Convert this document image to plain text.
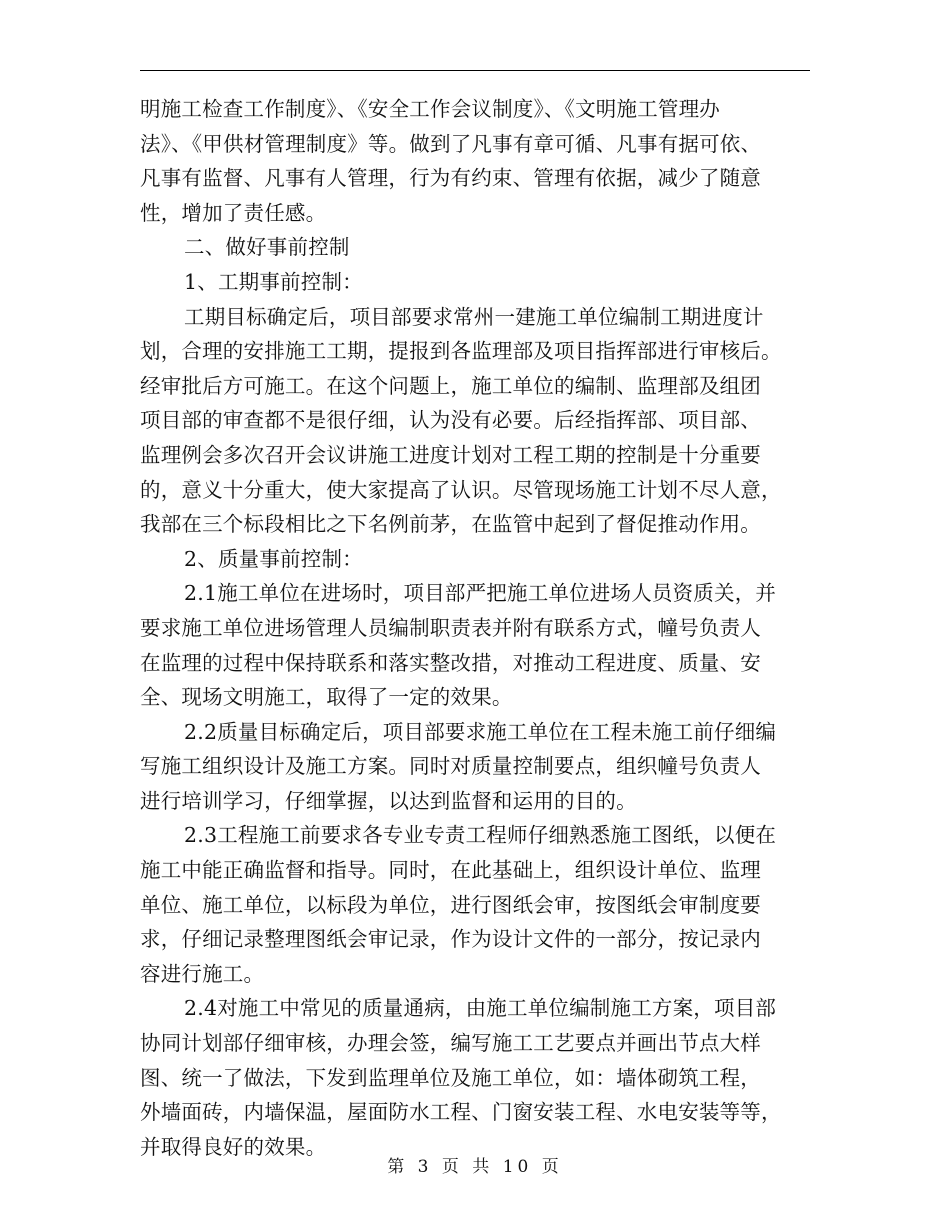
明施工检查工作制度》、《安全工作会议制度》、《文明施工管理办
法》、《甲供材管理制度》等。做到了凡事有章可循、凡事有据可依、
凡事有监督、凡事有人管理，行为有约束、管理有依据，减少了随意
性，增加了责任感。
二、做好事前控制
1、工期事前控制：
工期目标确定后，项目部要求常州一建施工单位编制工期进度计
划，合理的安排施工工期，提报到各监理部及项目指挥部进行审核后。
经审批后方可施工。在这个问题上，施工单位的编制、监理部及组团
项目部的审查都不是很仔细，认为没有必要。后经指挥部、项目部、
监理例会多次召开会议讲施工进度计划对工程工期的控制是十分重要
的，意义十分重大，使大家提高了认识。尽管现场施工计划不尽人意，
我部在三个标段相比之下名例前茅，在监管中起到了督促推动作用。
2、质量事前控制：
2.1施工单位在进场时，项目部严把施工单位进场人员资质关，并
要求施工单位进场管理人员编制职责表并附有联系方式，幢号负责人
在监理的过程中保持联系和落实整改措，对推动工程进度、质量、安
全、现场文明施工，取得了一定的效果。
2.2质量目标确定后，项目部要求施工单位在工程未施工前仔细编
写施工组织设计及施工方案。同时对质量控制要点，组织幢号负责人
进行培训学习，仔细掌握，以达到监督和运用的目的。
2.3工程施工前要求各专业专责工程师仔细熟悉施工图纸，以便在
施工中能正确监督和指导。同时，在此基础上，组织设计单位、监理
单位、施工单位，以标段为单位，进行图纸会审，按图纸会审制度要
求，仔细记录整理图纸会审记录，作为设计文件的一部分，按记录内
容进行施工。
2.4对施工中常见的质量通病，由施工单位编制施工方案，项目部
协同计划部仔细审核，办理会签，编写施工工艺要点并画出节点大样
图、统一了做法，下发到监理单位及施工单位，如：墙体砌筑工程，
外墙面砖，内墙保温，屋面防水工程、门窗安装工程、水电安装等等，
并取得良好的效果。
第 3 页 共 10 页
